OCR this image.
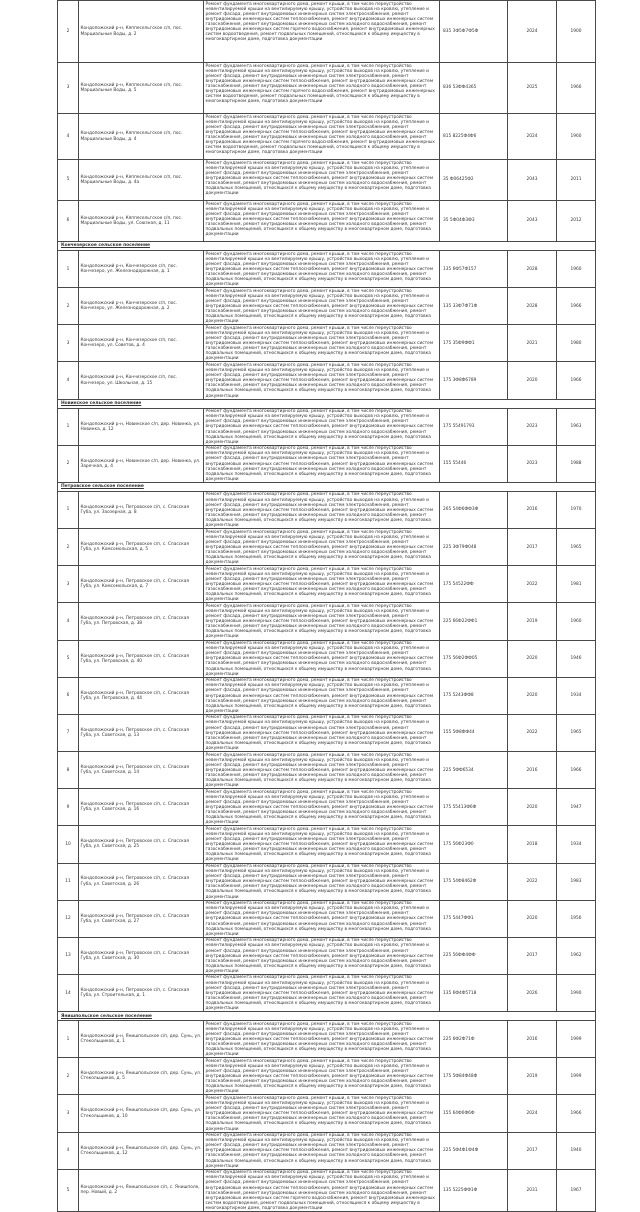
2	Кондопожский р-н, Кяппесельгское с/п, пос. Марциальные Воды, д. 2	Ремонт фундамента многоквартирного дома, ремонт крыши, в том числе переустройство невентилируемой крыши на вентилируемую крышу, устройство выходов на кровлю, утепление и ремонт фасада, ремонт внутридомовых инженерных систем электроснабжения, ремонт внутридомовых инженерных систем теплоснабжения, ремонт внутридомовых инженерных систем газоснабжения, ремонт внутридомовых инженерных систем холодного водоснабжения, ремонт внутридомовых инженерных систем горячего водоснабжения, ремонт внутридомовых инженерных систем водоотведения, ремонт подвальных помещений, относящихся к общему имуществу в многоквартирном доме, подготовка документации	835 ЗФ5Ф7Ф5Ф	2024	1900
3	Кондопожский р-н, Кяппесельгское с/п, пос. Марциальные Воды, д. 5	Ремонт фундамента многоквартирного дома, ремонт крыши, в том числе переустройство невентилируемой крыши на вентилируемую крышу, устройство выходов на кровлю, утепление и ремонт фасада, ремонт внутридомовых инженерных систем электроснабжения, ремонт внутридомовых инженерных систем теплоснабжения, ремонт внутридомовых инженерных систем газоснабжения, ремонт внутридомовых инженерных систем холодного водоснабжения, ремонт внутридомовых инженерных систем горячего водоснабжения, ремонт внутридомовых инженерных систем водоотведения, ремонт подвальных помещений, относящихся к общему имуществу в многоквартирном доме, подготовка документации	836 53ФФ4365	2025	1966
4	Кондопожский р-н, Кяппесельгское с/п, пос. Марциальные Воды, д. 4	Ремонт фундамента многоквартирного дома, ремонт крыши, в том числе переустройство невентилируемой крыши на вентилируемую крышу, устройство выходов на кровлю, утепление и ремонт фасада, ремонт внутридомовых инженерных систем электроснабжения, ремонт внутридомовых инженерных систем теплоснабжения, ремонт внутридомовых инженерных систем газоснабжения, ремонт внутридомовых инженерных систем холодного водоснабжения, ремонт внутридомовых инженерных систем горячего водоснабжения, ремонт внутридомовых инженерных систем водоотведения, ремонт подвальных помещений, относящихся к общему имуществу в многоквартирном доме, подготовка документации	815 8225Ф4Ф6	2024	1960
5	Кондопожский р-н, Кяппесельгское с/п, пос. Марциальные Воды, д. 4а	Ремонт фундамента многоквартирного дома, ремонт крыши, в том числе переустройство невентилируемой крыши на вентилируемую крышу, устройство выходов на кровлю, утепление и ремонт фасада, ремонт внутридомовых инженерных систем электроснабжения, ремонт внутридомовых инженерных систем теплоснабжения, ремонт внутридомовых инженерных систем газоснабжения, ремонт внутридомовых инженерных систем холодного водоснабжения, ремонт подвальных помещений, относящихся к общему имуществу в многоквартирном доме, подготовка документации	35 Ф06425Ф2	2043	2011
6	Кондопожский р-н, Кяппесельгское с/п, пос. Марциальные Воды, ул. Союзная, д. 11	Ремонт фундамента многоквартирного дома, ремонт крыши, в том числе переустройство невентилируемой крыши на вентилируемую крышу, устройство выходов на кровлю, утепление и ремонт фасада, ремонт внутридомовых инженерных систем электроснабжения, ремонт внутридомовых инженерных систем теплоснабжения, ремонт внутридомовых инженерных систем газоснабжения, ремонт внутридомовых инженерных систем холодного водоснабжения, ремонт подвальных помещений, относящихся к общему имуществу в многоквартирном доме, подготовка документации	35 5Ф04Ф3Ф3	2043	2012
Кончезерское сельское поселение					
1	Кондопожский р-н, Кончезерское с/п, пос. Кончезеро, ул. Железнодорожная, д. 1	Ремонт фундамента многоквартирного дома, ремонт крыши, в том числе переустройство невентилируемой крыши на вентилируемую крышу, устройство выходов на кровлю, утепление и ремонт фасада, ремонт внутридомовых инженерных систем электроснабжения, ремонт внутридомовых инженерных систем теплоснабжения, ремонт внутридомовых инженерных систем газоснабжения, ремонт внутридомовых инженерных систем холодного водоснабжения, ремонт подвальных помещений, относящихся к общему имуществу в многоквартирном доме, подготовка документации	135 6Ф57Ф157	2028	1960
2	Кондопожский р-н, Кончезерское с/п, пос. Кончезеро, ул. Железнодорожная, д. 2	Ремонт фундамента многоквартирного дома, ремонт крыши, в том числе переустройство невентилируемой крыши на вентилируемую крышу, устройство выходов на кровлю, утепление и ремонт фасада, ремонт внутридомовых инженерных систем электроснабжения, ремонт внутридомовых инженерных систем теплоснабжения, ремонт внутридомовых инженерных систем газоснабжения, ремонт внутридомовых инженерных систем холодного водоснабжения, ремонт подвальных помещений, относящихся к общему имуществу в многоквартирном доме, подготовка документации	135 33Ф7Ф71Ф	2028	1966
3	Кондопожский р-н, Кончезерское с/п, пос. Кончезеро, ул. Советов, д. 4	Ремонт фундамента многоквартирного дома, ремонт крыши, в том числе переустройство невентилируемой крыши на вентилируемую крышу, устройство выходов на кровлю, утепление и ремонт фасада, ремонт внутридомовых инженерных систем электроснабжения, ремонт внутридомовых инженерных систем теплоснабжения, ремонт внутридомовых инженерных систем газоснабжения, ремонт внутридомовых инженерных систем холодного водоснабжения, ремонт подвальных помещений, относящихся к общему имуществу в многоквартирном доме, подготовка документации	175 35Ф9ФФ1	2021	1980
4	Кондопожский р-н, Кончезерское с/п, пос. Кончезеро, ул. Школьная, д. 15	Ремонт фундамента многоквартирного дома, ремонт крыши, в том числе переустройство невентилируемой крыши на вентилируемую крышу, устройство выходов на кровлю, утепление и ремонт фасада, ремонт внутридомовых инженерных систем электроснабжения, ремонт внутридомовых инженерных систем теплоснабжения, ремонт внутридомовых инженерных систем газоснабжения, ремонт внутридомовых инженерных систем холодного водоснабжения, ремонт подвальных помещений, относящихся к общему имуществу в многоквартирном доме, подготовка документации	175 3Ф8Ф6789	2020	1966
Новинское сельское поселение					
1	Кондопожский р-н, Новинское с/п, дер. Новинка, ул. Новинка, д. 12	Ремонт фундамента многоквартирного дома, ремонт крыши, в том числе переустройство невентилируемой крыши на вентилируемую крышу, устройство выходов на кровлю, утепление и ремонт фасада, ремонт внутридомовых инженерных систем электроснабжения, ремонт внутридомовых инженерных систем теплоснабжения, ремонт внутридомовых инженерных систем газоснабжения, ремонт внутридомовых инженерных систем холодного водоснабжения, ремонт подвальных помещений, относящихся к общему имуществу в многоквартирном доме, подготовка документации	175 55491793	2023	1963
2	Кондопожский р-н, Новинское с/п, дер. Новинка, ул. Заречная, д. 4	Ремонт фундамента многоквартирного дома, ремонт крыши, в том числе переустройство невентилируемой крыши на вентилируемую крышу, устройство выходов на кровлю, утепление и ремонт фасада, ремонт внутридомовых инженерных систем электроснабжения, ремонт внутридомовых инженерных систем теплоснабжения, ремонт внутридомовых инженерных систем газоснабжения, ремонт внутридомовых инженерных систем холодного водоснабжения, ремонт подвальных помещений, относящихся к общему имуществу в многоквартирном доме, подготовка документации	155 55446	2023	1988
Петровское сельское поселение					
1	Кондопожский р-н, Петровское с/п, с. Спасская Губа, ул. Заозерная, д. 8	Ремонт фундамента многоквартирного дома, ремонт крыши, в том числе переустройство невентилируемой крыши на вентилируемую крышу, устройство выходов на кровлю, утепление и ремонт фасада, ремонт внутридомовых инженерных систем электроснабжения, ремонт внутридомовых инженерных систем теплоснабжения, ремонт внутридомовых инженерных систем газоснабжения, ремонт внутридомовых инженерных систем холодного водоснабжения, ремонт подвальных помещений, относящихся к общему имуществу в многоквартирном доме, подготовка документации	265 54Ф6ФФ3Ф	2016	1970
2	Кондопожский р-н, Петровское с/п, с. Спасская Губа, ул. Комсомольская, д. 5	Ремонт фундамента многоквартирного дома, ремонт крыши, в том числе переустройство невентилируемой крыши на вентилируемую крышу, устройство выходов на кровлю, утепление и ремонт фасада, ремонт внутридомовых инженерных систем электроснабжения, ремонт внутридомовых инженерных систем теплоснабжения, ремонт внутридомовых инженерных систем газоснабжения, ремонт внутридомовых инженерных систем холодного водоснабжения, ремонт подвальных помещений, относящихся к общему имуществу в многоквартирном доме, подготовка документации	225 3Ф79Ф048	2017	1965
3	Кондопожский р-н, Петровское с/п, с. Спасская Губа, ул. Комсомольская, д. 7	Ремонт фундамента многоквартирного дома, ремонт крыши, в том числе переустройство невентилируемой крыши на вентилируемую крышу, устройство выходов на кровлю, утепление и ремонт фасада, ремонт внутридомовых инженерных систем электроснабжения, ремонт внутридомовых инженерных систем теплоснабжения, ремонт внутридомовых инженерных систем газоснабжения, ремонт внутридомовых инженерных систем холодного водоснабжения, ремонт подвальных помещений, относящихся к общему имуществу в многоквартирном доме, подготовка документации	175 54522ФФ	2022	1981
4	Кондопожский р-н, Петровское с/п, с. Спасская Губа, ул. Петровская, д. 38	Ремонт фундамента многоквартирного дома, ремонт крыши, в том числе переустройство невентилируемой крыши на вентилируемую крышу, устройство выходов на кровлю, утепление и ремонт фасада, ремонт внутридомовых инженерных систем электроснабжения, ремонт внутридомовых инженерных систем теплоснабжения, ремонт внутридомовых инженерных систем газоснабжения, ремонт внутридомовых инженерных систем холодного водоснабжения, ремонт подвальных помещений, относящихся к общему имуществу в многоквартирном доме, подготовка документации	225 66Ф22ФФ1	2019	1960
5	Кондопожский р-н, Петровское с/п, с. Спасская Губа, ул. Петровская, д. 40	Ремонт фундамента многоквартирного дома, ремонт крыши, в том числе переустройство невентилируемой крыши на вентилируемую крышу, устройство выходов на кровлю, утепление и ремонт фасада, ремонт внутридомовых инженерных систем электроснабжения, ремонт внутридомовых инженерных систем теплоснабжения, ремонт внутридомовых инженерных систем газоснабжения, ремонт внутридомовых инженерных систем холодного водоснабжения, ремонт подвальных помещений, относящихся к общему имуществу в многоквартирном доме, подготовка документации	175 56Ф2ФФ05	2020	1946
6	Кондопожский р-н, Петровское с/п, с. Спасская Губа, ул. Петровская, д. 44	Ремонт фундамента многоквартирного дома, ремонт крыши, в том числе переустройство невентилируемой крыши на вентилируемую крышу, устройство выходов на кровлю, утепление и ремонт фасада, ремонт внутридомовых инженерных систем электроснабжения, ремонт внутридомовых инженерных систем теплоснабжения, ремонт внутридомовых инженерных систем газоснабжения, ремонт внутридомовых инженерных систем холодного водоснабжения, ремонт подвальных помещений, относящихся к общему имуществу в многоквартирном доме, подготовка документации	175 5243ФФ8	2020	1934
7	Кондопожский р-н, Петровское с/п, с. Спасская Губа, ул. Советская, д. 13	Ремонт фундамента многоквартирного дома, ремонт крыши, в том числе переустройство невентилируемой крыши на вентилируемую крышу, устройство выходов на кровлю, утепление и ремонт фасада, ремонт внутридомовых инженерных систем электроснабжения, ремонт внутридомовых инженерных систем теплоснабжения, ремонт внутридомовых инженерных систем газоснабжения, ремонт внутридомовых инженерных систем холодного водоснабжения, ремонт подвальных помещений, относящихся к общему имуществу в многоквартирном доме, подготовка документации	155 5Ф8ФФ44	2022	1965
8	Кондопожский р-н, Петровское с/п, с. Спасская Губа, ул. Советская, д. 14	Ремонт фундамента многоквартирного дома, ремонт крыши, в том числе переустройство невентилируемой крыши на вентилируемую крышу, устройство выходов на кровлю, утепление и ремонт фасада, ремонт внутридомовых инженерных систем электроснабжения, ремонт внутридомовых инженерных систем теплоснабжения, ремонт внутридомовых инженерных систем газоснабжения, ремонт внутридомовых инженерных систем холодного водоснабжения, ремонт подвальных помещений, относящихся к общему имуществу в многоквартирном доме, подготовка документации	225 5ФФ6534	2016	1966
9	Кондопожский р-н, Петровское с/п, с. Спасская Губа, ул. Советская, д. 16	Ремонт фундамента многоквартирного дома, ремонт крыши, в том числе переустройство невентилируемой крыши на вентилируемую крышу, устройство выходов на кровлю, утепление и ремонт фасада, ремонт внутридомовых инженерных систем электроснабжения, ремонт внутридомовых инженерных систем теплоснабжения, ремонт внутридомовых инженерных систем газоснабжения, ремонт внутридомовых инженерных систем холодного водоснабжения, ремонт подвальных помещений, относящихся к общему имуществу в многоквартирном доме, подготовка документации	175 55413Ф6Ф	2020	1947
10	Кондопожский р-н, Петровское с/п, с. Спасская Губа, ул. Советская, д. 25	Ремонт фундамента многоквартирного дома, ремонт крыши, в том числе переустройство невентилируемой крыши на вентилируемую крышу, устройство выходов на кровлю, утепление и ремонт фасада, ремонт внутридомовых инженерных систем электроснабжения, ремонт внутридомовых инженерных систем теплоснабжения, ремонт внутридомовых инженерных систем газоснабжения, ремонт внутридомовых инженерных систем холодного водоснабжения, ремонт подвальных помещений, относящихся к общему имуществу в многоквартирном доме, подготовка документации	175 56Ф23Ф0	2018	1934
11	Кондопожский р-н, Петровское с/п, с. Спасская Губа, ул. Советская, д. 26	Ремонт фундамента многоквартирного дома, ремонт крыши, в том числе переустройство невентилируемой крыши на вентилируемую крышу, устройство выходов на кровлю, утепление и ремонт фасада, ремонт внутридомовых инженерных систем электроснабжения, ремонт внутридомовых инженерных систем теплоснабжения, ремонт внутридомовых инженерных систем газоснабжения, ремонт внутридомовых инженерных систем холодного водоснабжения, ремонт подвальных помещений, относящихся к общему имуществу в многоквартирном доме, подготовка документации	175 54Ф8462Ф	2022	1983
12	Кондопожский р-н, Петровское с/п, с. Спасская Губа, ул. Советская, д. 27	Ремонт фундамента многоквартирного дома, ремонт крыши, в том числе переустройство невентилируемой крыши на вентилируемую крышу, устройство выходов на кровлю, утепление и ремонт фасада, ремонт внутридомовых инженерных систем электроснабжения, ремонт внутридомовых инженерных систем теплоснабжения, ремонт внутридомовых инженерных систем газоснабжения, ремонт внутридомовых инженерных систем холодного водоснабжения, ремонт подвальных помещений, относящихся к общему имуществу в многоквартирном доме, подготовка документации	175 5447ФФ1	2020	1956
13	Кондопожский р-н, Петровское с/п, с. Спасская Губа, ул. Советская, д. 30	Ремонт фундамента многоквартирного дома, ремонт крыши, в том числе переустройство невентилируемой крыши на вентилируемую крышу, устройство выходов на кровлю, утепление и ремонт фасада, ремонт внутридомовых инженерных систем электроснабжения, ремонт внутридомовых инженерных систем теплоснабжения, ремонт внутридомовых инженерных систем газоснабжения, ремонт внутридомовых инженерных систем холодного водоснабжения, ремонт подвальных помещений, относящихся к общему имуществу в многоквартирном доме, подготовка документации	225 56ФФ4ФФ	2017	1962
14	Кондопожский р-н, Петровское с/п, с. Спасская Губа, ул. Строительная, д. 1	Ремонт фундамента многоквартирного дома, ремонт крыши, в том числе переустройство невентилируемой крыши на вентилируемую крышу, устройство выходов на кровлю, утепление и ремонт фасада, ремонт внутридомовых инженерных систем электроснабжения, ремонт внутридомовых инженерных систем теплоснабжения, ремонт внутридомовых инженерных систем газоснабжения, ремонт внутридомовых инженерных систем холодного водоснабжения, ремонт подвальных помещений, относящихся к общему имуществу в многоквартирном доме, подготовка документации	135 6Ф4Ф5718	2026	1990
Янишпольское сельское поселение					
1	Кондопожский р-н, Янишпольское с/п, дер. Сунь, ул. Стекольщиков, д. 1	Ремонт фундамента многоквартирного дома, ремонт крыши, в том числе переустройство невентилируемой крыши на вентилируемую крышу, устройство выходов на кровлю, утепление и ремонт фасада, ремонт внутридомовых инженерных систем электроснабжения, ремонт внутридомовых инженерных систем теплоснабжения, ремонт внутридомовых инженерных систем газоснабжения, ремонт внутридомовых инженерных систем холодного водоснабжения, ремонт подвальных помещений, относящихся к общему имуществу в многоквартирном доме, подготовка документации	225 6Ф2Ф71Ф	2016	1999
2	Кондопожский р-н, Янишпольское с/п, дер. Сунь, ул. Стекольщиков, д. 5	Ремонт фундамента многоквартирного дома, ремонт крыши, в том числе переустройство невентилируемой крыши на вентилируемую крышу, устройство выходов на кровлю, утепление и ремонт фасада, ремонт внутридомовых инженерных систем электроснабжения, ремонт внутридомовых инженерных систем теплоснабжения, ремонт внутридомовых инженерных систем газоснабжения, ремонт внутридомовых инженерных систем холодного водоснабжения, ремонт подвальных помещений, относящихся к общему имуществу в многоквартирном доме, подготовка документации	175 5Ф84Ф48Ф	2019	1999
3	Кондопожский р-н, Янишпольское с/п, дер. Сунь, ул. Стекольщиков, д. 10	Ремонт фундамента многоквартирного дома, ремонт крыши, в том числе переустройство невентилируемой крыши на вентилируемую крышу, устройство выходов на кровлю, утепление и ремонт фасада, ремонт внутридомовых инженерных систем электроснабжения, ремонт внутридомовых инженерных систем теплоснабжения, ремонт внутридомовых инженерных систем газоснабжения, ремонт внутридомовых инженерных систем холодного водоснабжения, ремонт подвальных помещений, относящихся к общему имуществу в многоквартирном доме, подготовка документации	155 64Ф6Ф6Ф	2024	1966
4	Кондопожский р-н, Янишпольское с/п, дер. Сунь, ул. Стекольщиков, д. 12	Ремонт фундамента многоквартирного дома, ремонт крыши, в том числе переустройство невентилируемой крыши на вентилируемую крышу, устройство выходов на кровлю, утепление и ремонт фасада, ремонт внутридомовых инженерных систем электроснабжения, ремонт внутридомовых инженерных систем теплоснабжения, ремонт внутридомовых инженерных систем газоснабжения, ремонт внутридомовых инженерных систем холодного водоснабжения, ремонт подвальных помещений, относящихся к общему имуществу в многоквартирном доме, подготовка документации	225 5Ф4Ф1Ф4Ф	2017	1940
5	Кондопожский р-н, Янишпольское с/п, с. Янишполе, пер. Новый, д. 2	Ремонт фундамента многоквартирного дома, ремонт крыши, в том числе переустройство невентилируемой крыши на вентилируемую крышу, устройство выходов на кровлю, утепление и ремонт фасада, ремонт внутридомовых инженерных систем электроснабжения, ремонт внутридомовых инженерных систем теплоснабжения, ремонт внутридомовых инженерных систем газоснабжения, ремонт внутридомовых инженерных систем холодного водоснабжения, ремонт внутридомовых инженерных систем горячего водоснабжения, ремонт внутридомовых инженерных систем водоотведения, ремонт подвальных помещений, относящихся к общему имуществу в многоквартирном доме, подготовка документации	135 5225ФФ1Ф	2031	1967
